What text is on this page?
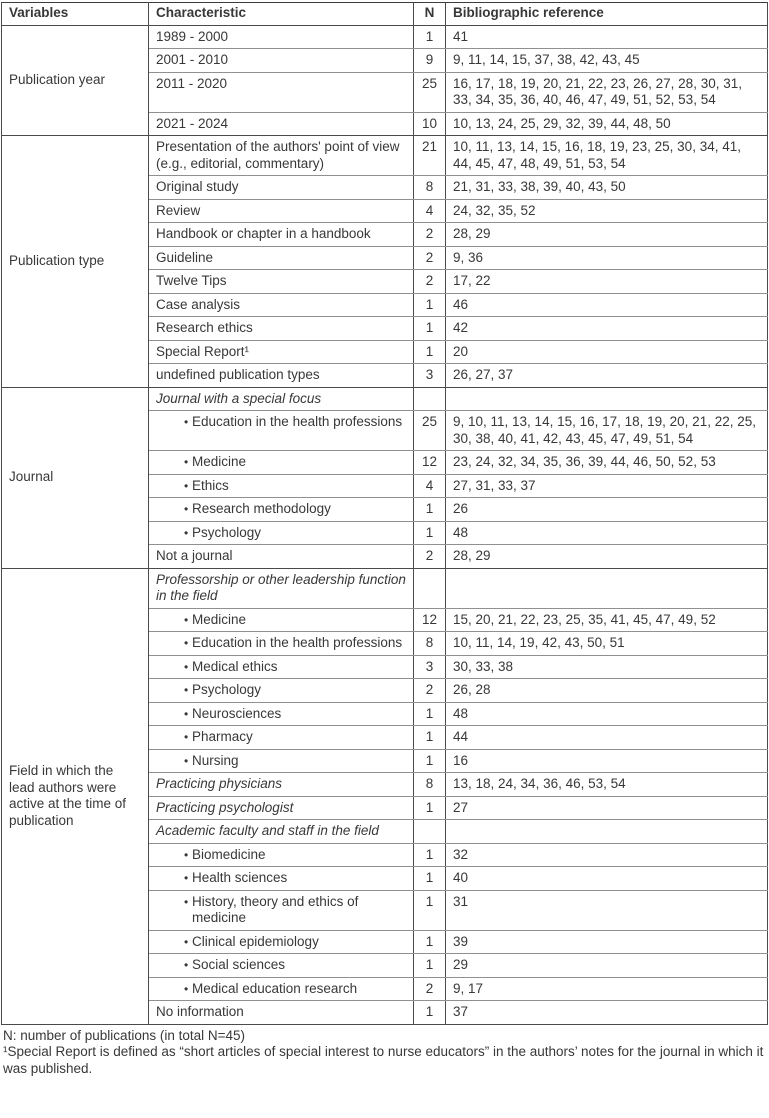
Variables	Characteristic	N	Bibliographic reference
Publication year	1989 - 2000	1	41
	2001 - 2010	9	9, 11, 14, 15, 37, 38, 42, 43, 45
	2011 - 2020	25	16, 17, 18, 19, 20, 21, 22, 23, 26, 27, 28, 30, 31, 33, 34, 35, 36, 40, 46, 47, 49, 51, 52, 53, 54
	2021 - 2024	10	10, 13, 24, 25, 29, 32, 39, 44, 48, 50
Publication type	Presentation of the authors' point of view (e.g., editorial, commentary)	21	10, 11, 13, 14, 15, 16, 18, 19, 23, 25, 30, 34, 41, 44, 45, 47, 48, 49, 51, 53, 54
	Original study	8	21, 31, 33, 38, 39, 40, 43, 50
	Review	4	24, 32, 35, 52
	Handbook or chapter in a handbook	2	28, 29
	Guideline	2	9, 36
	Twelve Tips	2	17, 22
	Case analysis	1	46
	Research ethics	1	42
	Special Report¹	1	20
	undefined publication types	3	26, 27, 37
Journal	Journal with a special focus		

	• Education in the health professions	25	9, 10, 11, 13, 14, 15, 16, 17, 18, 19, 20, 21, 22, 25, 30, 38, 40, 41, 42, 43, 45, 47, 49, 51, 54

	• Medicine	12	23, 24, 32, 34, 35, 36, 39, 44, 46, 50, 52, 53

	• Ethics	4	27, 31, 33, 37

	• Research methodology	1	26

	• Psychology	1	48
	Not a journal	2	28, 29
Field in which the lead authors were active at the time of publication	Professorship or other leadership function in the field		

	• Medicine	12	15, 20, 21, 22, 23, 25, 35, 41, 45, 47, 49, 52

	• Education in the health professions	8	10, 11, 14, 19, 42, 43, 50, 51

	• Medical ethics	3	30, 33, 38

	• Psychology	2	26, 28

	• Neurosciences	1	48

	• Pharmacy	1	44

	• Nursing	1	16
	Practicing physicians	8	13, 18, 24, 34, 36, 46, 53, 54
	Practicing psychologist	1	27
	Academic faculty and staff in the field		

	• Biomedicine	1	32

	• Health sciences	1	40

	• History, theory and ethics of medicine	1	31

	• Clinical epidemiology	1	39

	• Social sciences	1	29

	• Medical education research	2	9, 17
	No information	1	37
N: number of publications (in total N=45)
¹Special Report is defined as “short articles of special interest to nurse educators” in the authors’ notes for the journal in which it was published.
